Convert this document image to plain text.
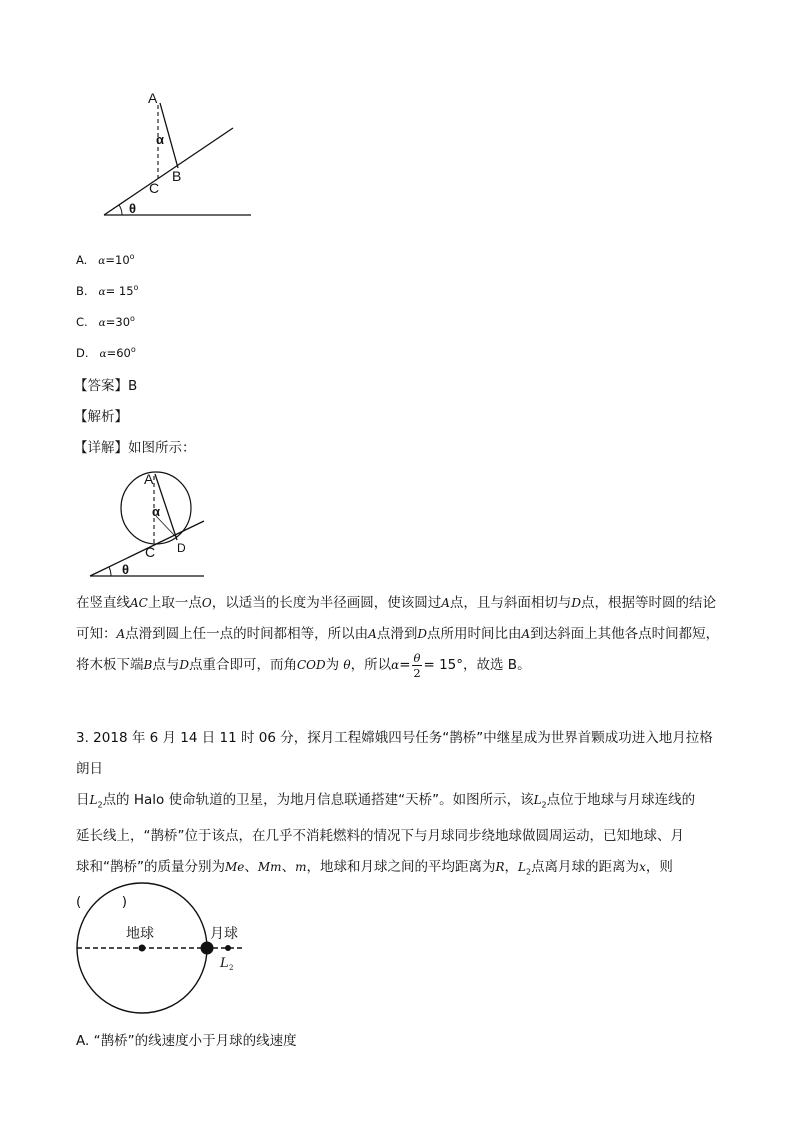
A
α
B
C
θ
A. $\alpha=10^o$
B. $\alpha= 15^o$
C. $\alpha=30^o$
D. $\alpha=60^o$
【答案】B
【解析】
【详解】如图所示：
A
α
C D
θ
在竖直线AC上取一点O，以适当的长度为半径画圆，使该圆过A点，且与斜面相切与D点，根据等时圆的结论可知：A点滑到圆上任一点的时间都相等，所以由A点滑到D点所用时间比由A到达斜面上其他各点时间都短，将木板下端B点与D点重合即可，而角COD为 θ，所以$\alpha= \frac{\theta}{2} = 15^\circ$，故选 B。
3. 2018 年 6 月 14 日 11 时 06 分，探月工程嫦娥四号任务“鹊桥”中继星成为世界首颗成功进入地月拉格朗日
日$L_2$点的 Halo 使命轨道的卫星，为地月信息联通搭建“天桥”。如图所示，该$L_2$点位于地球与月球连线的
延长线上，“鹊桥”位于该点，在几乎不消耗燃料的情况下与月球同步绕地球做圆周运动，已知地球、月
球和“鹊桥”的质量分别为Me、Mm、m，地球和月球之间的平均距离为R，$L_2$点离月球的距离为x，则
(　　　)
地球	月球
L 2
A. “鹊桥”的线速度小于月球的线速度
